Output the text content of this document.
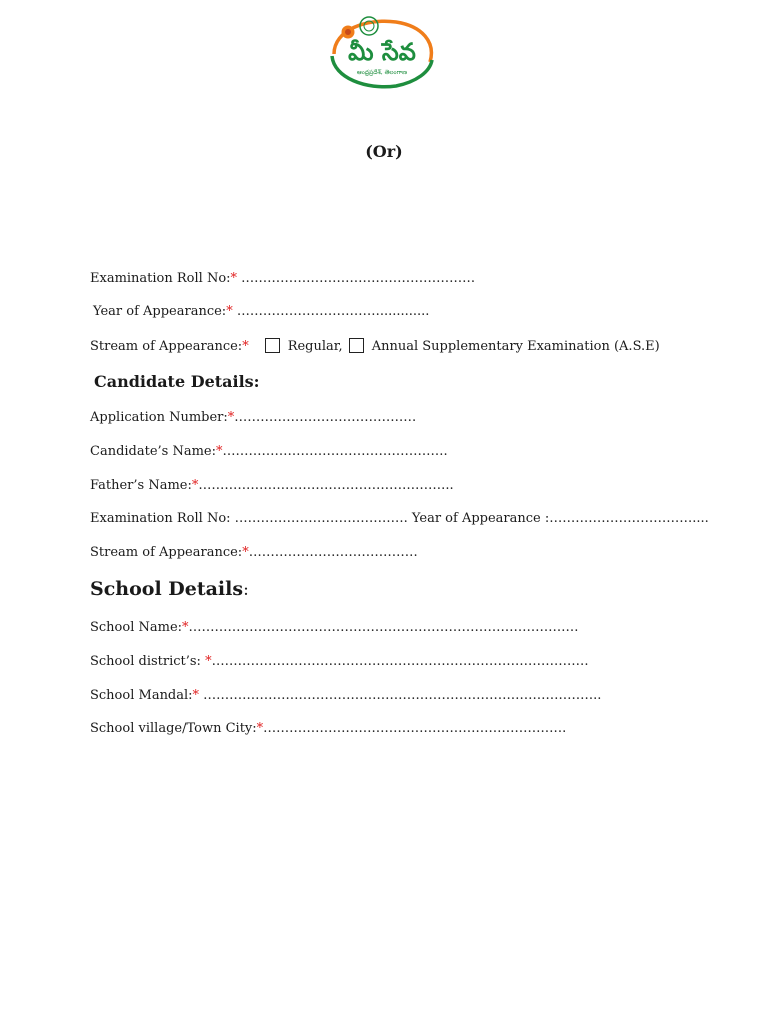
మీ సేవ
ఆంధ్రప్రదేశ్, తెలంగాణ
(Or)
Examination Roll No:* ………………………………………………
Year of Appearance:* ……………………………............
Stream of Appearance:*	Regular, Annual Supplementary Examination (A.S.E)
Candidate Details:
Application Number:*……………………………………
Candidate’s Name:*…………………………………………….
Father’s Name:*…………………………………………………..
Examination Roll No: …………………………………. Year of Appearance :……………………………....
Stream of Appearance:*…………………………………
School Details:
School Name:*………………………………………………………………………………
School district’s: *……………………………………………………………………………
School Mandal:* ………………………………………………………………………………..
School village/Town City:*…………………………………………………………….
